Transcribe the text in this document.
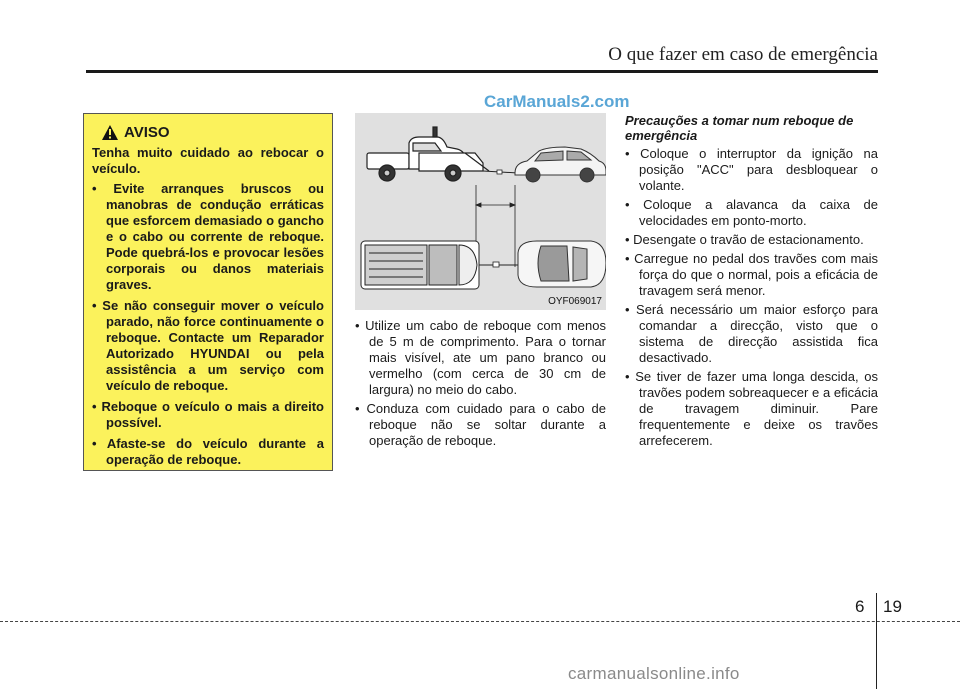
O que fazer em caso de emergência
CarManuals2.com
AVISO

Tenha muito cuidado ao rebocar o veículo.

• Evite arranques bruscos ou manobras de condução erráticas que esforcem demasiado o gancho e o cabo ou corrente de reboque. Pode quebrá-los e provocar lesões corporais ou danos materiais graves.
• Se não conseguir mover o veículo parado, não force continuamente o reboque. Contacte um Reparador Autorizado HYUNDAI ou pela assistência a um serviço com veículo de reboque.
• Reboque o veículo o mais a direito possível.
• Afaste-se do veículo durante a operação de reboque.
OYF069017
• Utilize um cabo de reboque com menos de 5 m de comprimento. Para o tornar mais visível, ate um pano branco ou vermelho (com cerca de 30 cm de largura) no meio do cabo.
• Conduza com cuidado para o cabo de reboque não se soltar durante a operação de reboque.

Precauções a tomar num reboque de emergência

• Coloque o interruptor da ignição na posição "ACC" para desbloquear o volante.
• Coloque a alavanca da caixa de velocidades em ponto-morto.
• Desengate o travão de estacionamento.
• Carregue no pedal dos travões com mais força do que o normal, pois a eficácia de travagem será menor.
• Será necessário um maior esforço para comandar a direcção, visto que o sistema de direcção assistida fica desactivado.
• Se tiver de fazer uma longa descida, os travões podem sobreaquecer e a eficácia de travagem diminuir. Pare frequentemente e deixe os travões arrefecerem.
6 19
carmanualsonline.info
